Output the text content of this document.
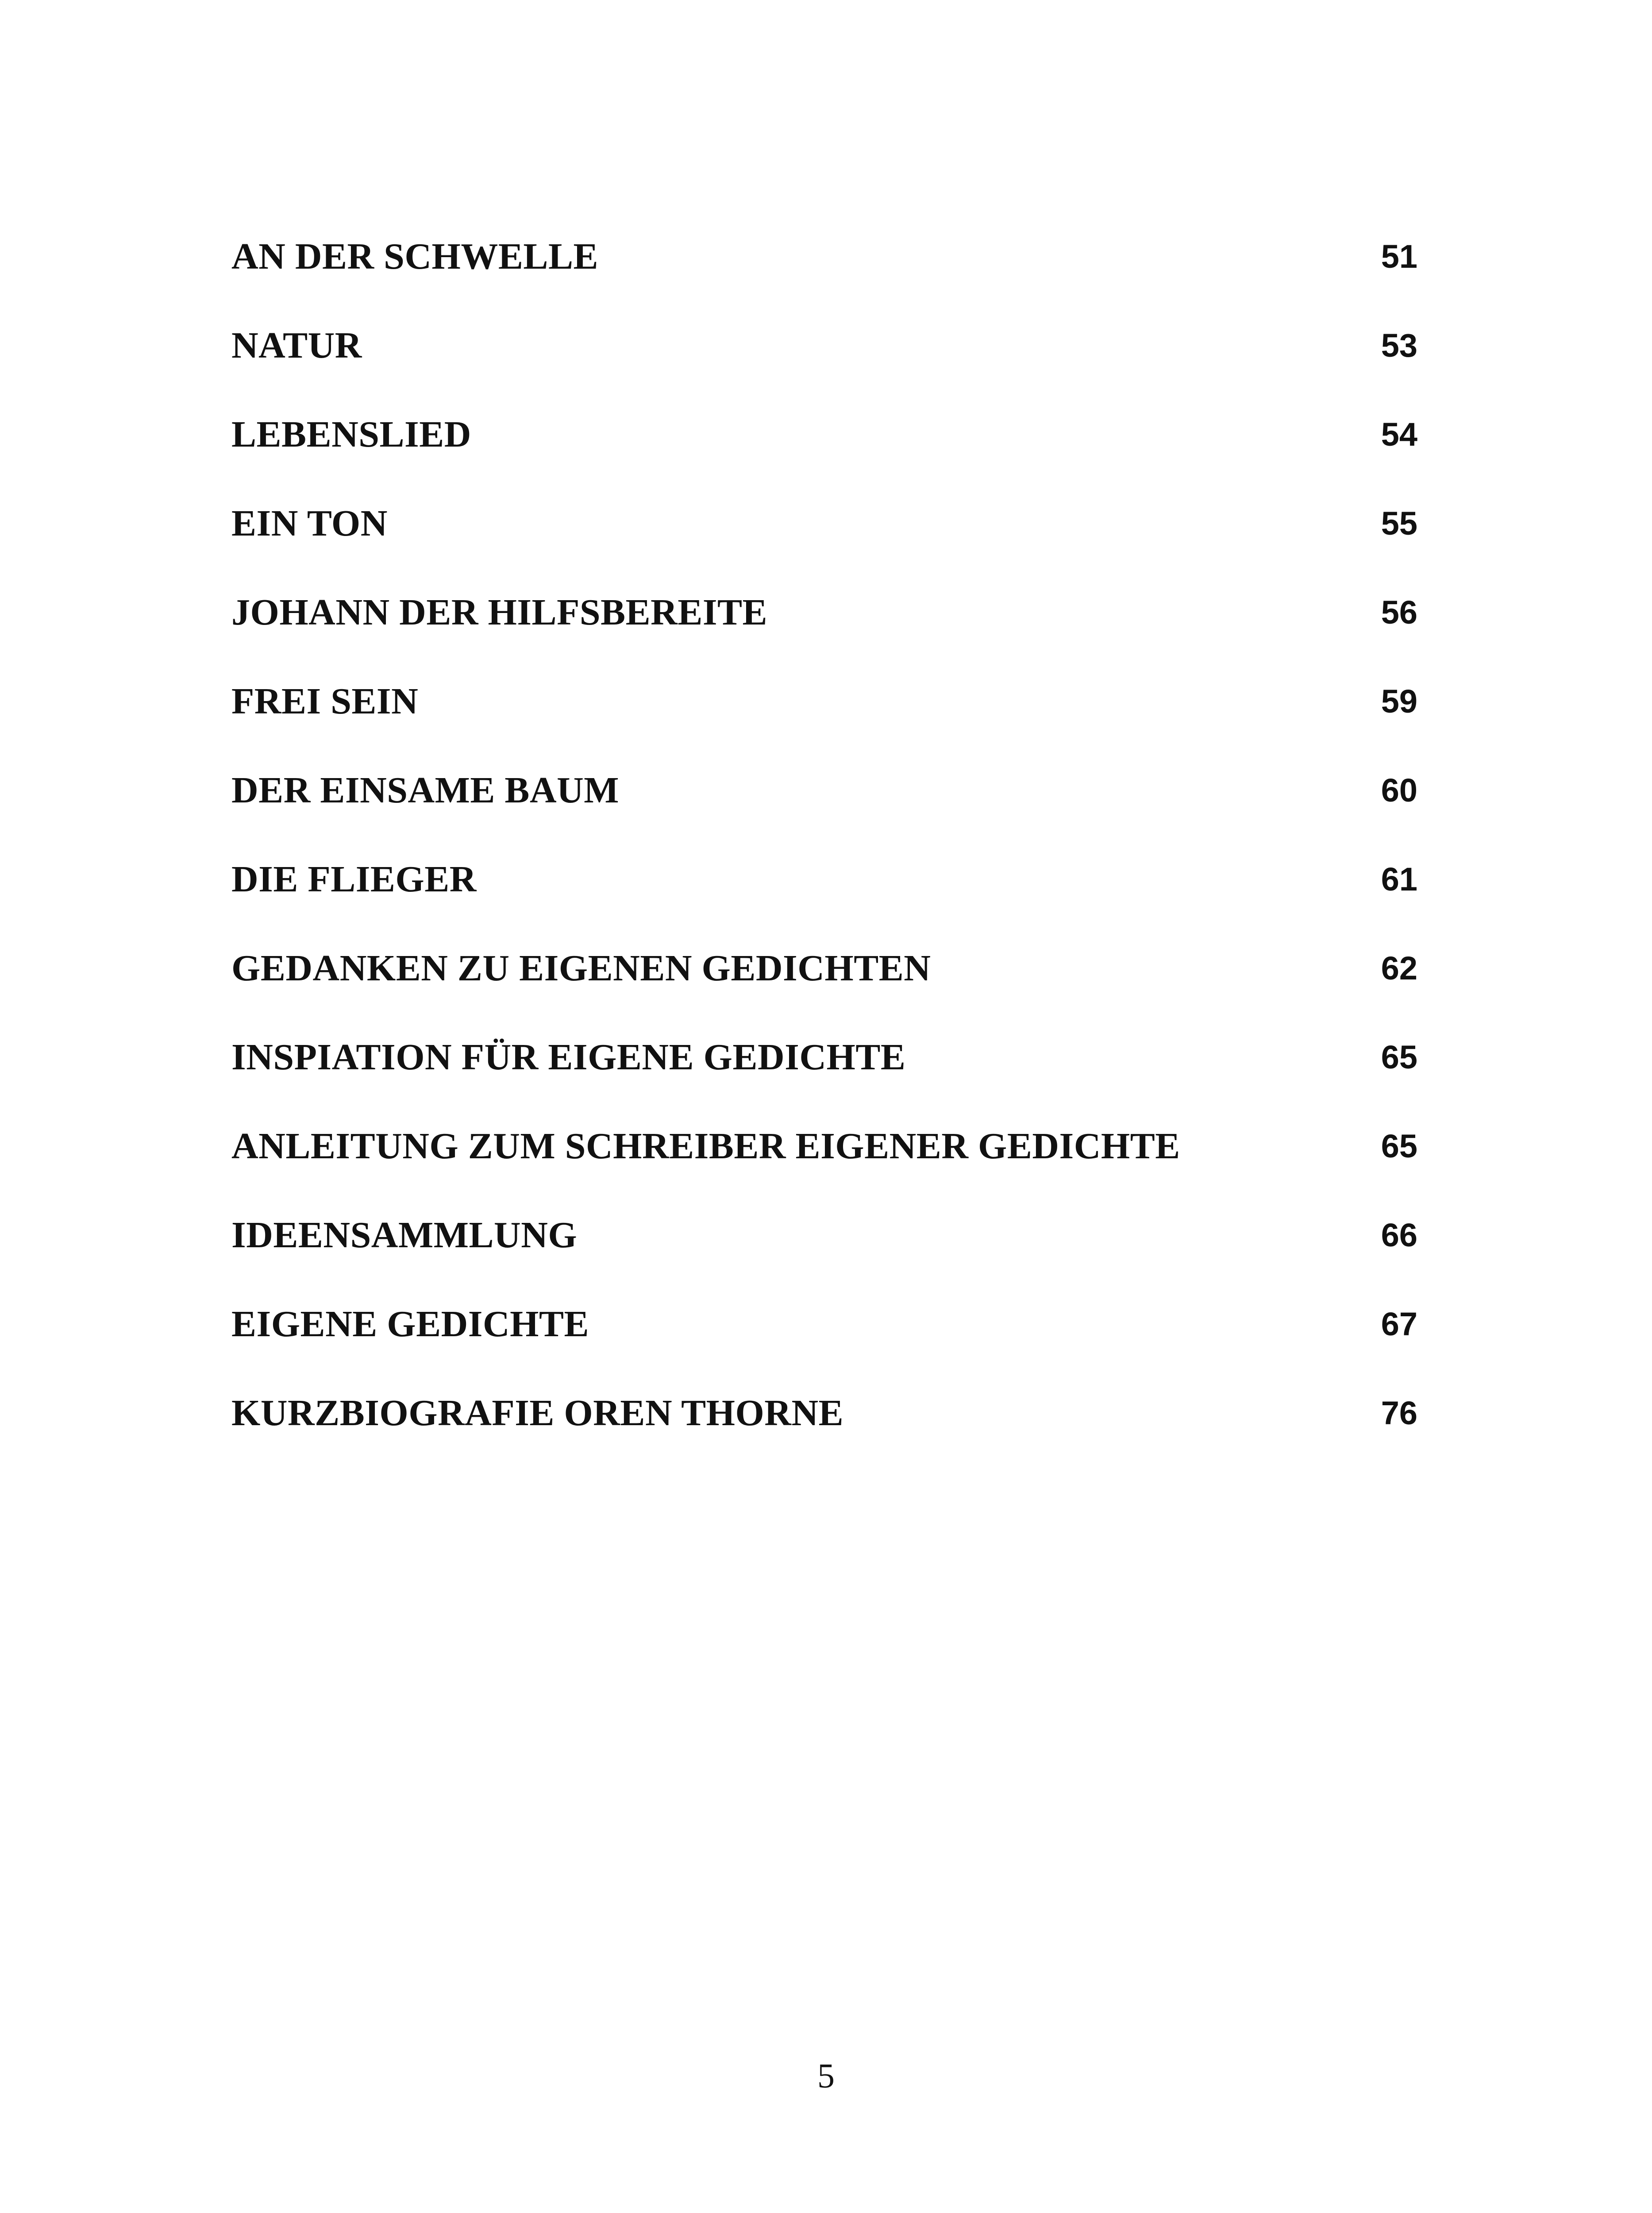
AN DER SCHWELLE	51
NATUR	53
LEBENSLIED	54
EIN TON	55
JOHANN DER HILFSBEREITE	56
FREI SEIN	59
DER EINSAME BAUM	60
DIE FLIEGER	61
GEDANKEN ZU EIGENEN GEDICHTEN	62
INSPIATION FÜR EIGENE GEDICHTE	65
ANLEITUNG ZUM SCHREIBER EIGENER GEDICHTE	65
IDEENSAMMLUNG	66
EIGENE GEDICHTE	67
KURZBIOGRAFIE OREN THORNE	76
5
